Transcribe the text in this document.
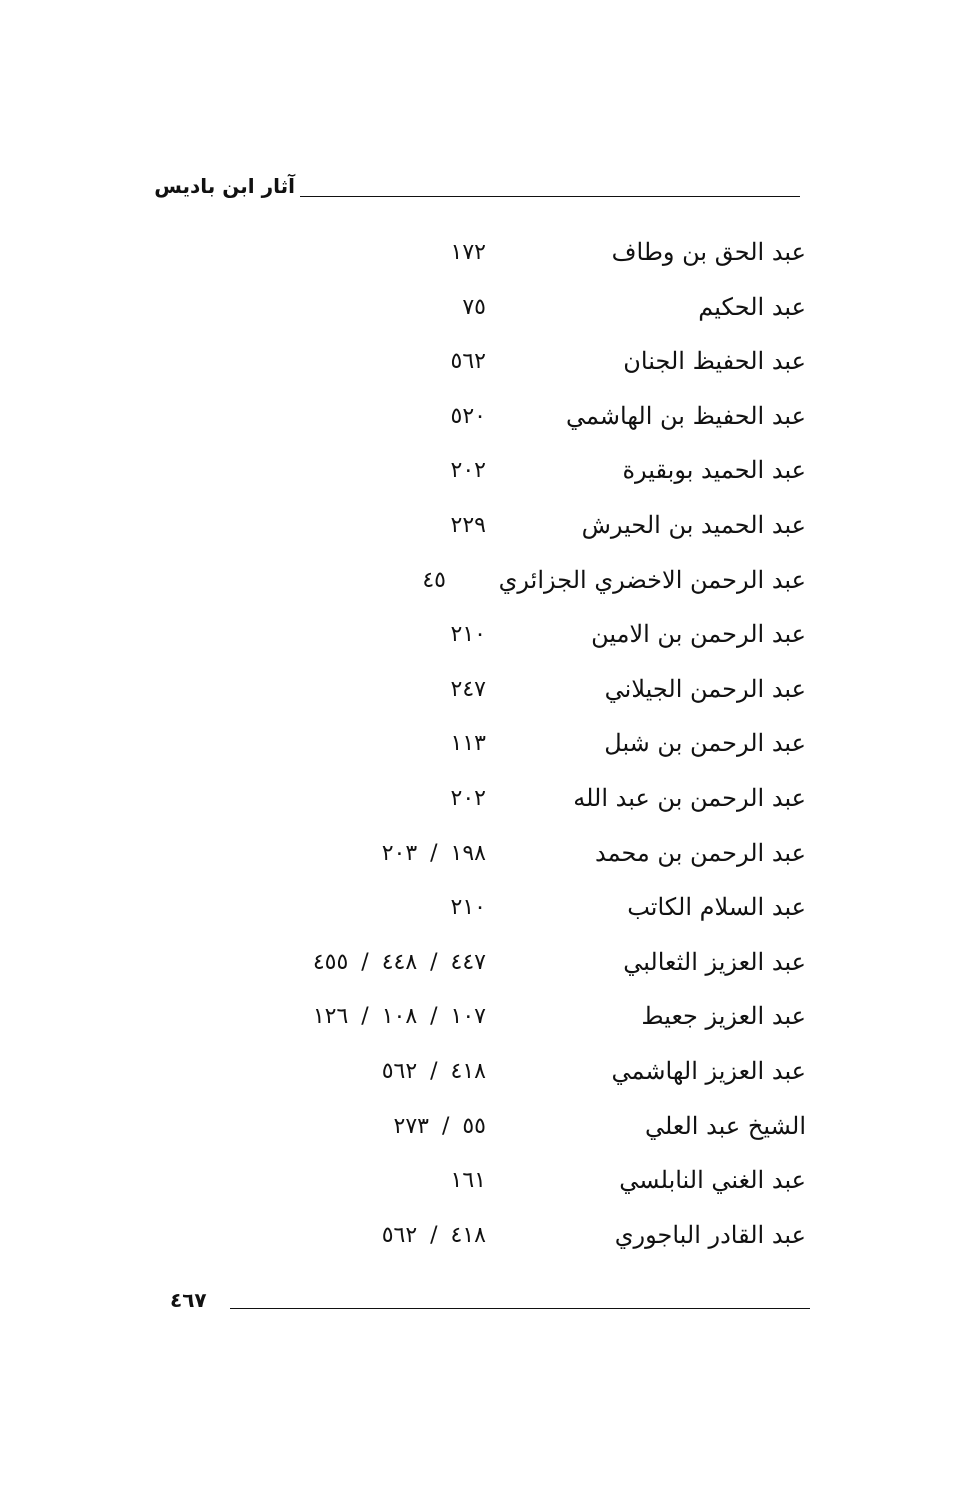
آثار ابن باديس
عبد الحق بن وطاف
١٧٢
عبد الحكيم
٧٥
عبد الحفيظ الجنان
٥٦٢
عبد الحفيظ بن الهاشمي
٥٢٠
عبد الحميد بوبقيرة
٢٠٢
عبد الحميد بن الحيرش
٢٢٩
عبد الرحمن الاخضري الجزائري
٤٥
عبد الرحمن بن الامين
٢١٠
عبد الرحمن الجيلاني
٢٤٧
عبد الرحمن بن شبل
١١٣
عبد الرحمن بن عبد الله
٢٠٢
عبد الرحمن بن محمد
١٩٨ / ٢٠٣
عبد السلام الكاتب
٢١٠
عبد العزيز الثعالبي
٤٤٧ / ٤٤٨ / ٤٥٥
عبد العزيز جعيط
١٠٧ / ١٠٨ / ١٢٦
عبد العزيز الهاشمي
٤١٨ / ٥٦٢
الشيخ عبد العلي
٥٥ / ٢٧٣
عبد الغني النابلسي
١٦١
عبد القادر الباجوري
٤١٨ / ٥٦٢
٤٦٧
